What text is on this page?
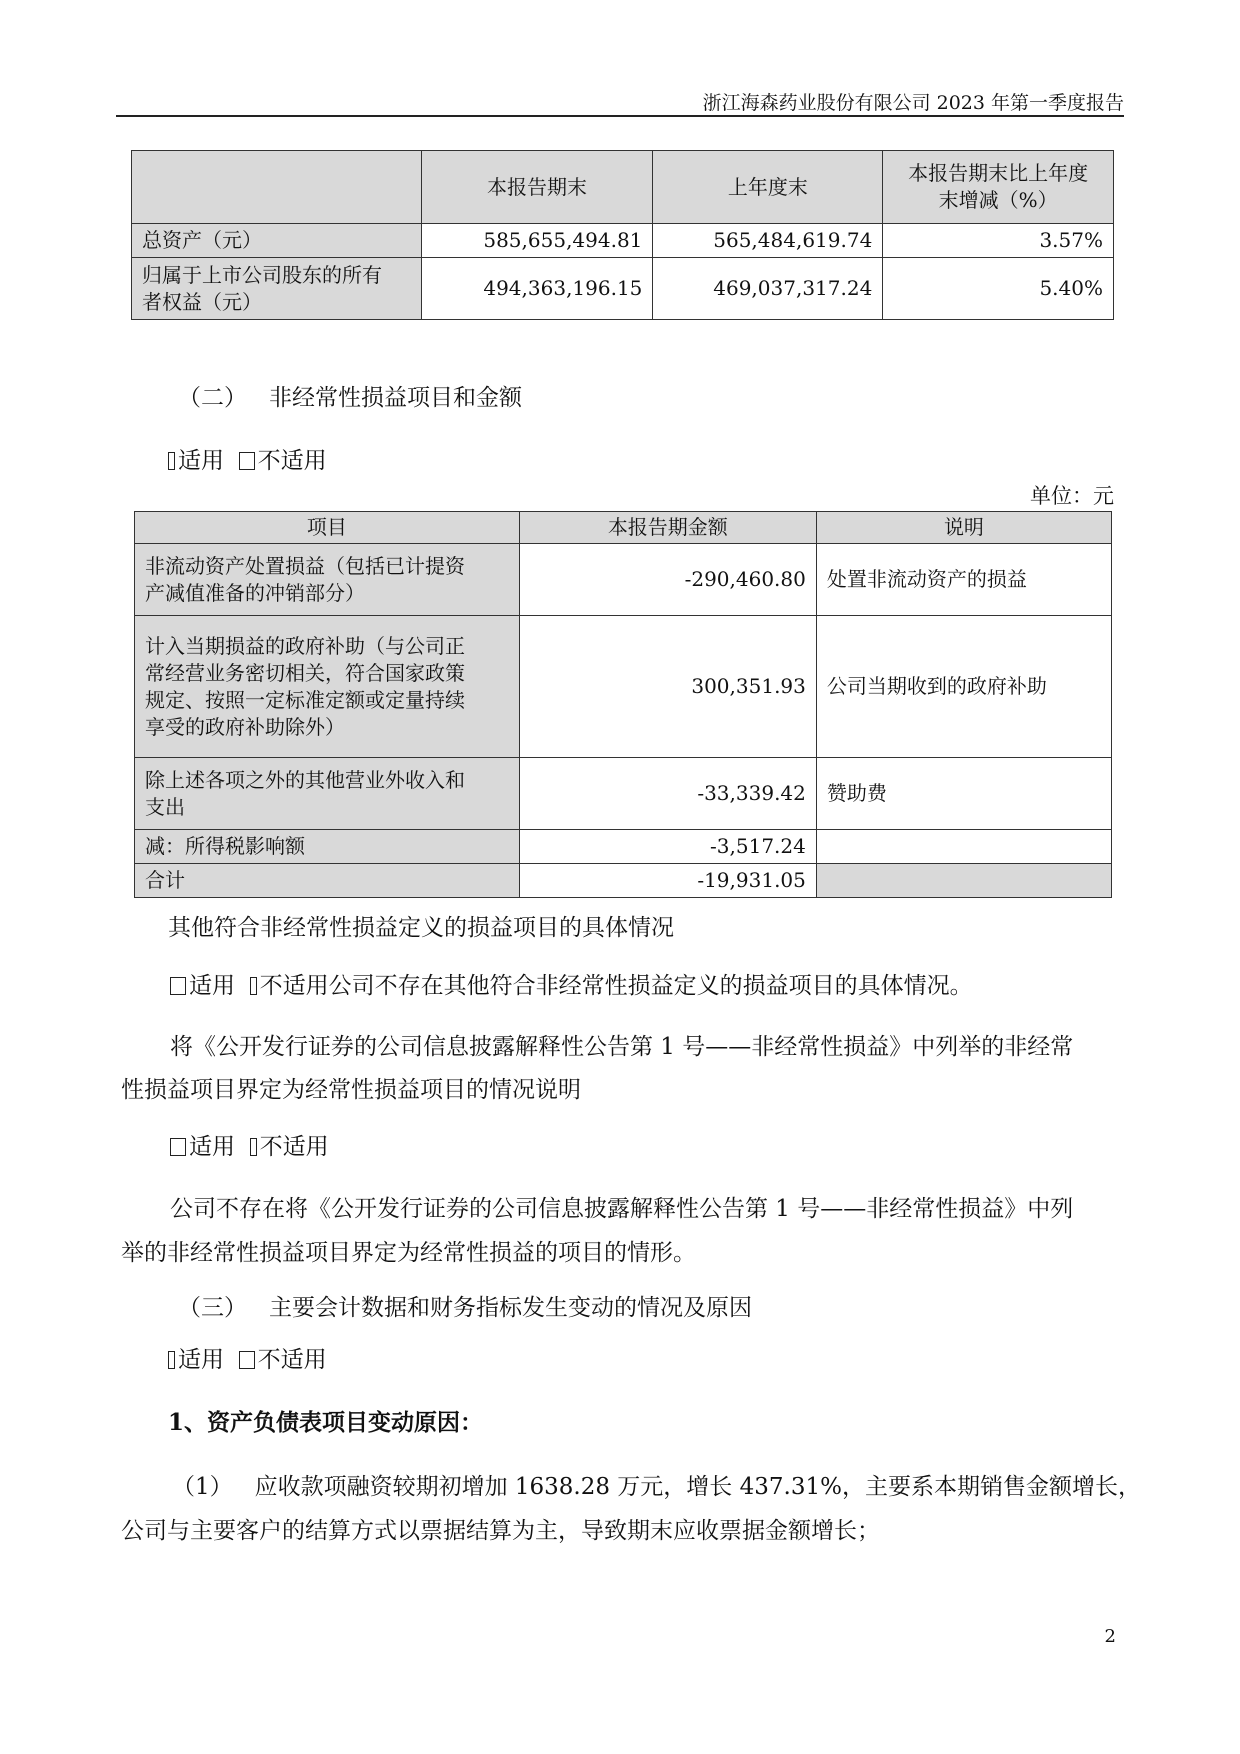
浙江海森药业股份有限公司 2023 年第一季度报告
	本报告期末	上年度末	本报告期末比上年度
末增减（%）

总资产（元）	585,655,494.81	565,484,619.74	3.57%

归属于上市公司股东的所有
者权益（元）	494,363,196.15	469,037,317.24	5.40%
（二） 非经常性损益项目和金额
适用 不适用
单位：元
项目	本报告期金额	说明

非流动资产处置损益（包括已计提资
产减值准备的冲销部分）	-290,460.80	处置非流动资产的损益

计入当期损益的政府补助（与公司正
常经营业务密切相关，符合国家政策
规定、按照一定标准定额或定量持续
享受的政府补助除外）	300,351.93	公司当期收到的政府补助

除上述各项之外的其他营业外收入和
支出	-33,339.42	赞助费
减：所得税影响额	-3,517.24	
合计	-19,931.05	
其他符合非经常性损益定义的损益项目的具体情况
适用 不适用公司不存在其他符合非经常性损益定义的损益项目的具体情况。
将《公开发行证券的公司信息披露解释性公告第 1 号——非经常性损益》中列举的非经常
性损益项目界定为经常性损益项目的情况说明
适用 不适用
公司不存在将《公开发行证券的公司信息披露解释性公告第 1 号——非经常性损益》中列
举的非经常性损益项目界定为经常性损益的项目的情形。
（三） 主要会计数据和财务指标发生变动的情况及原因
适用 不适用
1、资产负债表项目变动原因：
（1） 应收款项融资较期初增加 1638.28 万元，增长 437.31%，主要系本期销售金额增长，
公司与主要客户的结算方式以票据结算为主，导致期末应收票据金额增长；
2
